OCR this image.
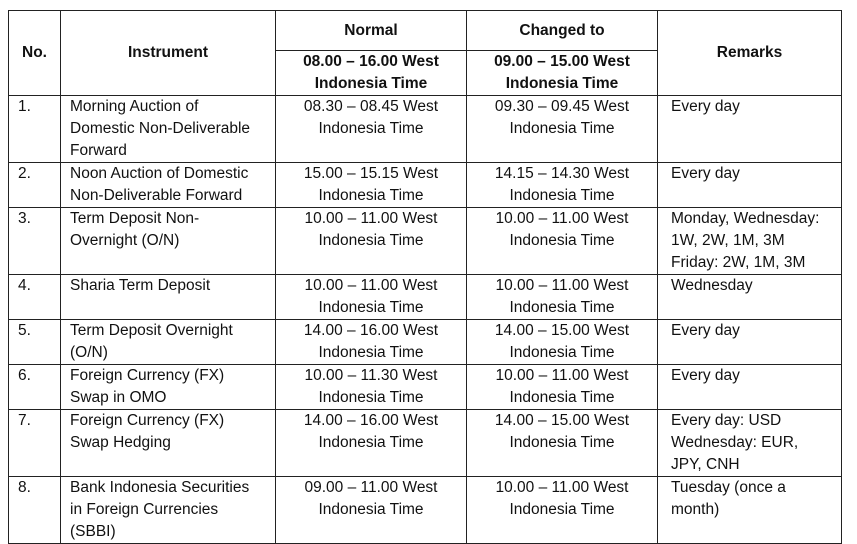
No.	Instrument	Normal	Changed to	Remarks

		08.00 – 16.00 West
Indonesia Time	09.00 – 15.00 West
Indonesia Time	

1.	Morning Auction of
Domestic Non-Deliverable
Forward	08.30 – 08.45 West
Indonesia Time	09.30 – 09.45 West
Indonesia Time	Every day

2.	Noon Auction of Domestic
Non-Deliverable Forward	15.00 – 15.15 West
Indonesia Time	14.15 – 14.30 West
Indonesia Time	Every day

3.	Term Deposit Non-
Overnight (O/N)	10.00 – 11.00 West
Indonesia Time	10.00 – 11.00 West
Indonesia Time	Monday, Wednesday:
1W, 2W, 1M, 3M
Friday: 2W, 1M, 3M

4.	Sharia Term Deposit	10.00 – 11.00 West
Indonesia Time	10.00 – 11.00 West
Indonesia Time	Wednesday

5.	Term Deposit Overnight
(O/N)	14.00 – 16.00 West
Indonesia Time	14.00 – 15.00 West
Indonesia Time	Every day

6.	Foreign Currency (FX)
Swap in OMO	10.00 – 11.30 West
Indonesia Time	10.00 – 11.00 West
Indonesia Time	Every day

7.	Foreign Currency (FX)
Swap Hedging	14.00 – 16.00 West
Indonesia Time	14.00 – 15.00 West
Indonesia Time	Every day: USD
Wednesday: EUR,
JPY, CNH

8.	Bank Indonesia Securities
in Foreign Currencies
(SBBI)	09.00 – 11.00 West
Indonesia Time	10.00 – 11.00 West
Indonesia Time	Tuesday (once a
month)
